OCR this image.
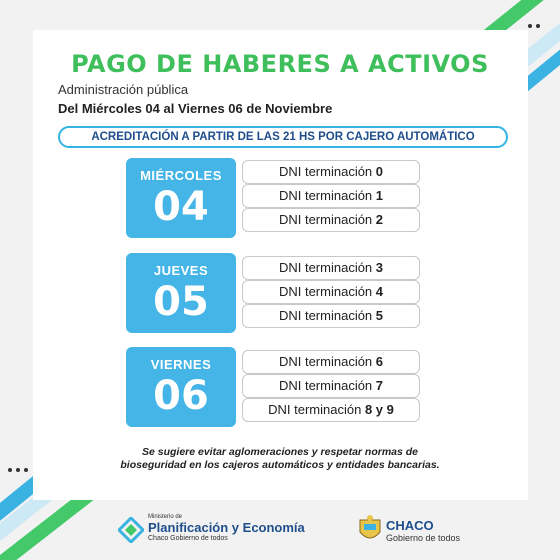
PAGO DE HABERES A ACTIVOS
Administración pública
Del Miércoles 04 al Viernes 06 de Noviembre
ACREDITACIÓN A PARTIR DE LAS 21 HS POR CAJERO AUTOMÁTICO
MIÉRCOLES
04
DNI terminación 0
DNI terminación 1
DNI terminación 2
JUEVES
05
DNI terminación 3
DNI terminación 4
DNI terminación 5
VIERNES
06
DNI terminación 6
DNI terminación 7
DNI terminación 8 y 9
Se sugiere evitar aglomeraciones y respetar normas de bioseguridad en los cajeros automáticos y entidades bancarias.
Ministerio de
Planificación y Economía
Chaco Gobierno de todos
CHACO
Gobierno de todos
